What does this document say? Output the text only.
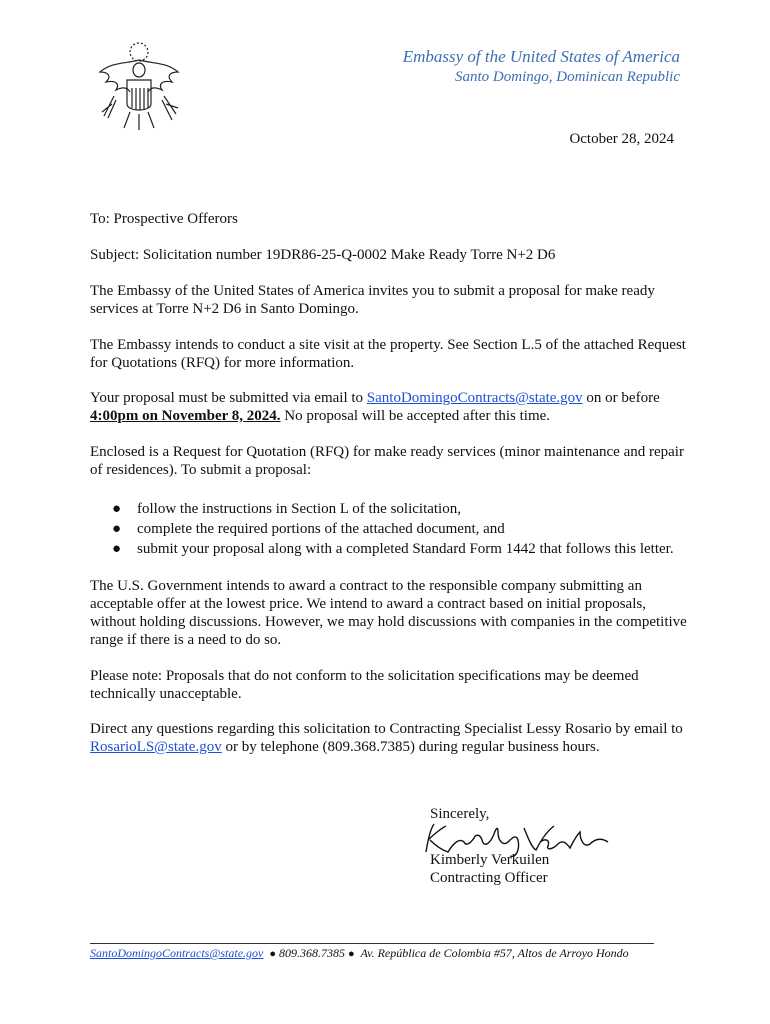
Embassy of the United States of America
Santo Domingo, Dominican Republic
October 28, 2024

To: Prospective Offerors

Subject: Solicitation number 19DR86-25-Q-0002 Make Ready Torre N+2 D6

The Embassy of the United States of America invites you to submit a proposal for make ready services at Torre N+2 D6 in Santo Domingo.

The Embassy intends to conduct a site visit at the property. See Section L.5 of the attached Request for Quotations (RFQ) for more information.

Your proposal must be submitted via email to SantoDomingoContracts@state.gov on or before 4:00pm on November 8, 2024. No proposal will be accepted after this time.

Enclosed is a Request for Quotation (RFQ) for make ready services (minor maintenance and repair of residences). To submit a proposal:

●	follow the instructions in Section L of the solicitation,
●	complete the required portions of the attached document, and
●	submit your proposal along with a completed Standard Form 1442 that follows this letter.

The U.S. Government intends to award a contract to the responsible company submitting an acceptable offer at the lowest price. We intend to award a contract based on initial proposals, without holding discussions. However, we may hold discussions with companies in the competitive range if there is a need to do so.

Please note: Proposals that do not conform to the solicitation specifications may be deemed technically unacceptable.

Direct any questions regarding this solicitation to Contracting Specialist Lessy Rosario by email to RosarioLS@state.gov or by telephone (809.368.7385) during regular business hours.

Sincerely,
Kimberly Verkuilen
Contracting Officer
SantoDomingoContracts@state.gov ● 809.368.7385 ● Av. República de Colombia #57, Altos de Arroyo Hondo
